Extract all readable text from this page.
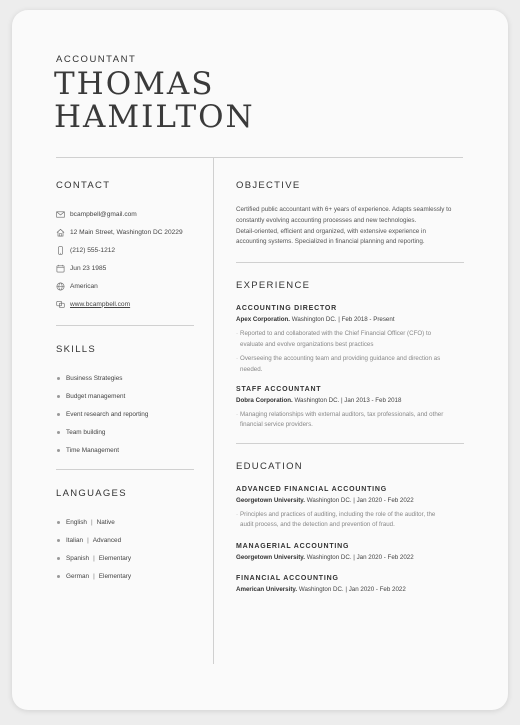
ACCOUNTANT
THOMAS
HAMILTON
CONTACT
bcampbell@gmail.com
12 Main Street, Washington DC 20229
(212) 555-1212
Jun 23 1985
American
www.bcampbell.com
SKILLS
Business Strategies
Budget management
Event research and reporting
Team building
Time Management
LANGUAGES
English | Native
Italian | Advanced
Spanish | Elementary
German | Elementary
OBJECTIVE
Certified public accountant with 6+ years of experience. Adapts seamlessly to
constantly evolving accounting processes and new technologies.
Detail-oriented, efficient and organized, with extensive experience in
accounting systems. Specialized in financial planning and reporting.
EXPERIENCE
ACCOUNTING DIRECTOR
Apex Corporation. Washington DC. | Feb 2018 - Present
· Reported to and collaborated with the Chief Financial Officer (CFO) to
evaluate and evolve organizations best practices
· Overseeing the accounting team and providing guidance and direction as
needed.
STAFF ACCOUNTANT
Dobra Corporation. Washington DC. | Jan 2013 - Feb 2018
· Managing relationships with external auditors, tax professionals, and other
financial service providers.
EDUCATION
ADVANCED FINANCIAL ACCOUNTING
Georgetown University. Washington DC. | Jan 2020 - Feb 2022
· Principles and practices of auditing, including the role of the auditor, the
audit process, and the detection and prevention of fraud.
MANAGERIAL ACCOUNTING
Georgetown University. Washington DC. | Jan 2020 - Feb 2022
FINANCIAL ACCOUNTING
American University. Washington DC. | Jan 2020 - Feb 2022
